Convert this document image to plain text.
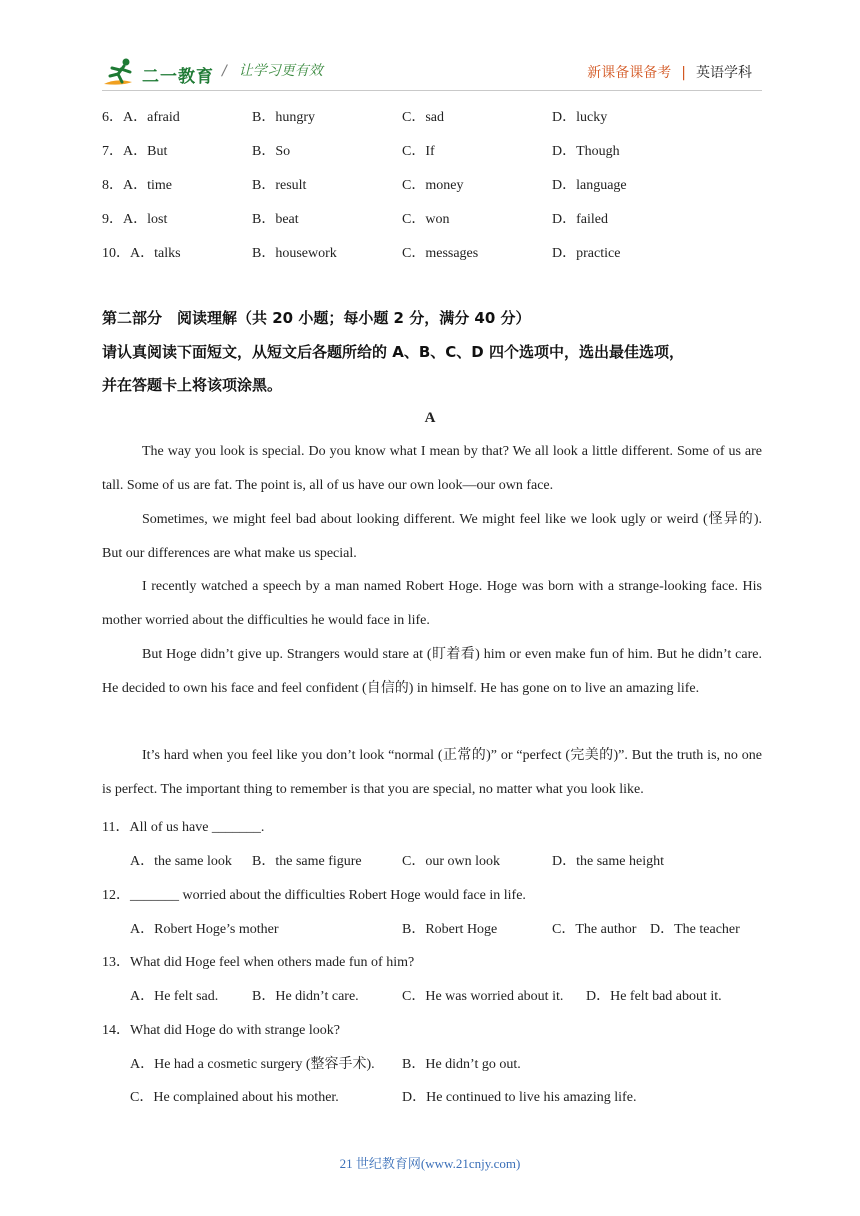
二一教育 / 让学习更有效	新课备课备考 | 英语学科
6．A．afraid	B．hungry	C．sad	D．lucky
7．A．But	B．So	C．If	D．Though
8．A．time	B．result	C．money	D．language
9．A．lost	B．beat	C．won	D．failed
10．A．talks	B．housework	C．messages	D．practice
第二部分　阅读理解（共 20 小题；每小题 2 分，满分 40 分）
请认真阅读下面短文，从短文后各题所给的 A、B、C、D 四个选项中，选出最佳选项，
并在答题卡上将该项涂黑。
A

The way you look is special. Do you know what I mean by that? We all look a little different. Some of us are tall. Some of us are fat. The point is, all of us have our own look—our own face.

Sometimes, we might feel bad about looking different. We might feel like we look ugly or weird (怪异的). But our differences are what make us special.

I recently watched a speech by a man named Robert Hoge. Hoge was born with a strange-looking face. His mother worried about the difficulties he would face in life.

But Hoge didn’t give up. Strangers would stare at (盯着看) him or even make fun of him. But he didn’t care. He decided to own his face and feel confident (自信的) in himself. He has gone on to live an amazing life.

It’s hard when you feel like you don’t look “normal (正常的)” or “perfect (完美的)”. But the truth is, no one is perfect. The important thing to remember is that you are special, no matter what you look like.

11．All of us have _______.
A．the same look B．the same figure	C．our own look	D．the same height
12．_______ worried about the difficulties Robert Hoge would face in life.
A．Robert Hoge’s mother	B．Robert Hoge	C．The author D．The teacher
13．What did Hoge feel when others made fun of him?
A．He felt sad. B．He didn’t care.	C．He was worried about it. D．He felt bad about it.
14．What did Hoge do with strange look?
A．He had a cosmetic surgery (整容手术). B．He didn’t go out.
C．He complained about his mother.	D．He continued to live his amazing life.
21 世纪教育网(www.21cnjy.com)
